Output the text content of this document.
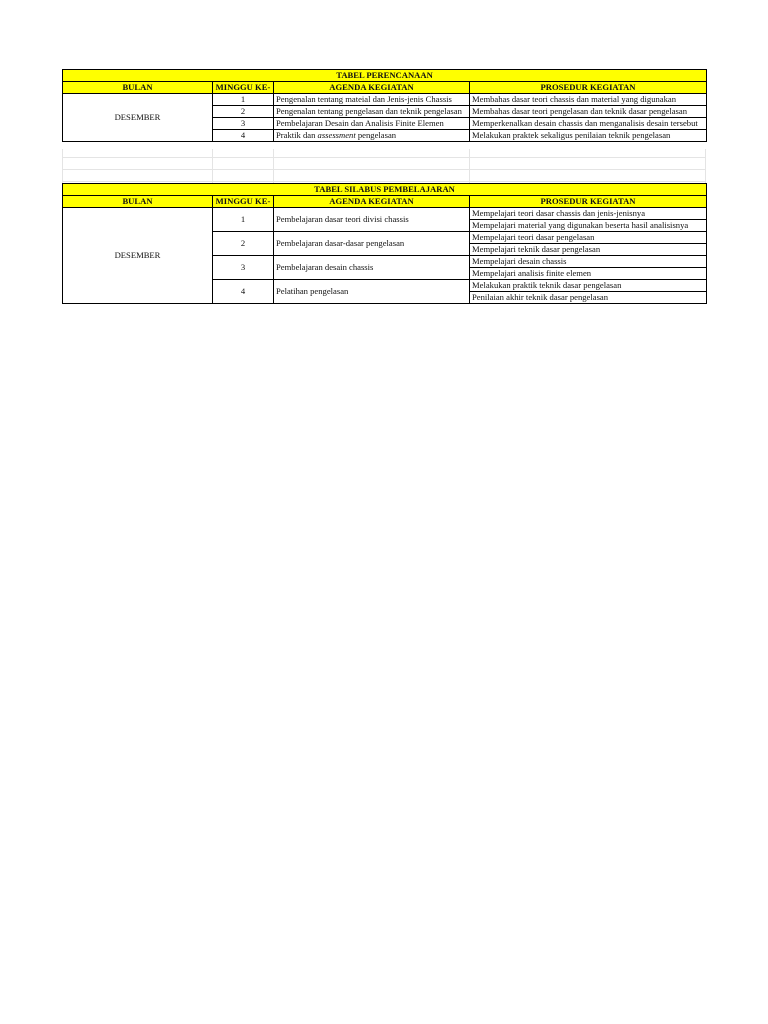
TABEL PERENCANAAN			
BULAN	MINGGU KE-	AGENDA KEGIATAN	PROSEDUR KEGIATAN
DESEMBER	1	Pengenalan tentang mateial dan Jenis-jenis Chassis	Membahas dasar teori chassis dan material yang digunakan
	2	Pengenalan tentang pengelasan dan teknik pengelasan	Membahas dasar teori pengelasan dan teknik dasar pengelasan
	3	Pembelajaran Desain dan Analisis Finite Elemen	Memperkenalkan desain chassis dan menganalisis desain tersebut
	4	Praktik dan assessment pengelasan	Melakukan praktek sekaligus penilaian teknik pengelasan
TABEL SILABUS PEMBELAJARAN			
BULAN	MINGGU KE-	AGENDA KEGIATAN	PROSEDUR KEGIATAN
DESEMBER	1	Pembelajaran dasar teori divisi chassis	Mempelajari teori dasar chassis dan jenis-jenisnya
			Mempelajari material yang digunakan beserta hasil analisisnya
	2	Pembelajaran dasar-dasar pengelasan	Mempelajari teori dasar pengelasan
			Mempelajari teknik dasar pengelasan
	3	Pembelajaran desain chassis	Mempelajari desain chassis
			Mempelajari analisis finite elemen
	4	Pelatihan pengelasan	Melakukan praktik teknik dasar pengelasan
			Penilaian akhir teknik dasar pengelasan
